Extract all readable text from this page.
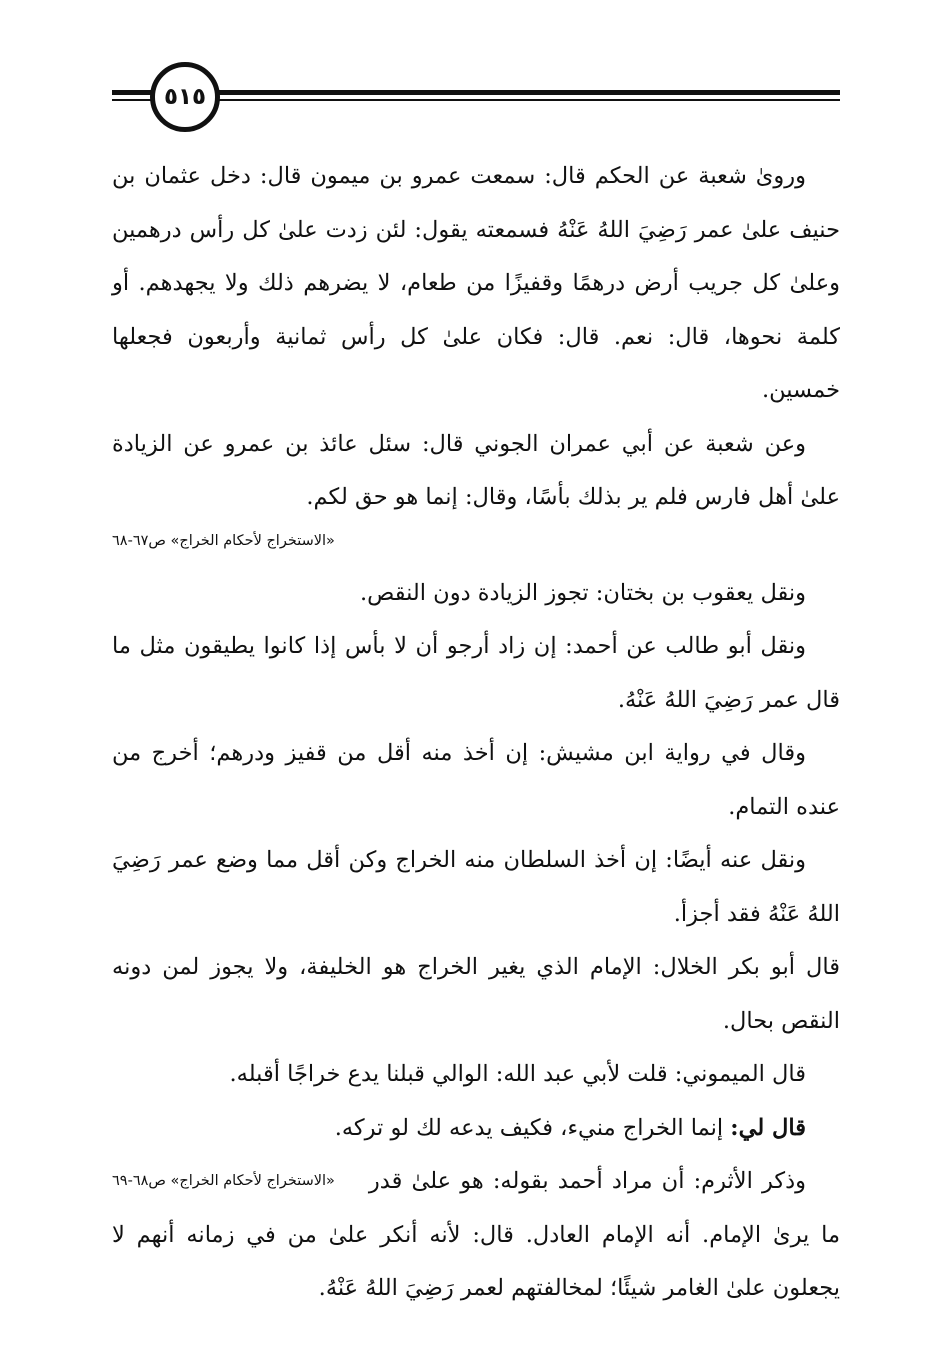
٥١٥

وروىٰ شعبة عن الحكم قال: سمعت عمرو بن ميمون قال: دخل عثمان بن حنيف علىٰ عمر رَضِيَ اللهُ عَنْهُ فسمعته يقول: لئن زدت علىٰ كل رأس درهمين وعلىٰ كل جريب أرض درهمًا وقفيزًا من طعام، لا يضرهم ذلك ولا يجهدهم. أو كلمة نحوها، قال: نعم. قال: فكان علىٰ كل رأس ثمانية وأربعون فجعلها خمسين.

وعن شعبة عن أبي عمران الجوني قال: سئل عائذ بن عمرو عن الزيادة علىٰ أهل فارس فلم ير بذلك بأسًا، وقال: إنما هو حق لكم.

«الاستخراج لأحكام الخراج» ص٦٧-٦٨

ونقل يعقوب بن بختان: تجوز الزيادة دون النقص.

ونقل أبو طالب عن أحمد: إن زاد أرجو أن لا بأس إذا كانوا يطيقون مثل ما قال عمر رَضِيَ اللهُ عَنْهُ.

وقال في رواية ابن مشيش: إن أخذ منه أقل من قفيز ودرهم؛ أخرج من عنده التمام.

ونقل عنه أيضًا: إن أخذ السلطان منه الخراج وكن أقل مما وضع عمر رَضِيَ اللهُ عَنْهُ فقد أجزأ.

قال أبو بكر الخلال: الإمام الذي يغير الخراج هو الخليفة، ولا يجوز لمن دونه النقص بحال.

قال الميموني: قلت لأبي عبد الله: الوالي قبلنا يدع خراجًا أقبله.

قال لي: إنما الخراج منيء، فكيف يدعه لك لو تركه.

«الاستخراج لأحكام الخراج» ص٦٨-٦٩	وذكر الأثرم: أن مراد أحمد بقوله: هو علىٰ قدر ما يرىٰ الإمام. أنه الإمام العادل. قال: لأنه أنكر علىٰ من في زمانه أنهم لا يجعلون علىٰ الغامر شيئًا؛ لمخالفتهم لعمر رَضِيَ اللهُ عَنْهُ.
